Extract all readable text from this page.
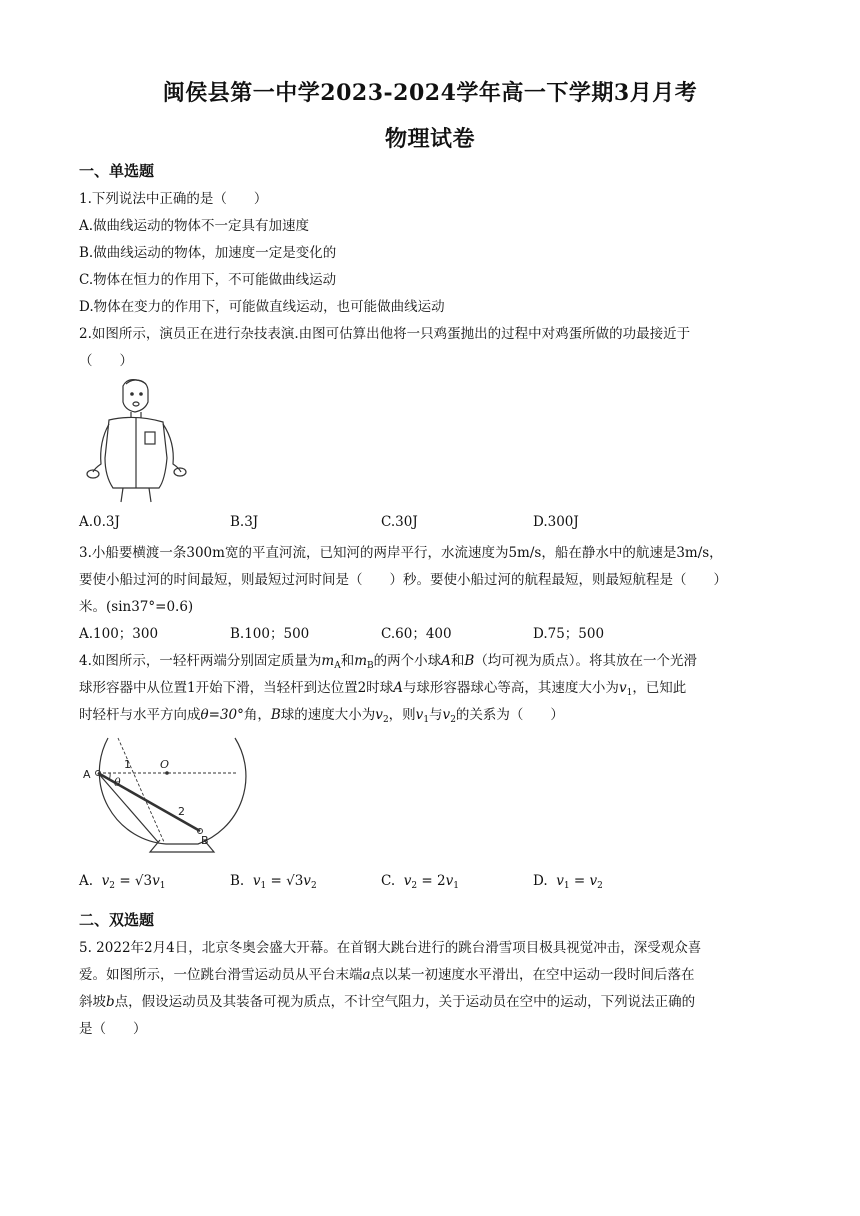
闽侯县第一中学2023-2024学年高一下学期3月月考
物理试卷
一、单选题
1.下列说法中正确的是（　　）
A.做曲线运动的物体不一定具有加速度
B.做曲线运动的物体，加速度一定是变化的
C.物体在恒力的作用下，不可能做曲线运动
D.物体在变力的作用下，可能做直线运动，也可能做曲线运动
2.如图所示，演员正在进行杂技表演.由图可估算出他将一只鸡蛋抛出的过程中对鸡蛋所做的功最接近于
（　　）
A.0.3J	B.3J	C.30J	D.300J
3.小船要横渡一条300m宽的平直河流，已知河的两岸平行，水流速度为5m/s，船在静水中的航速是3m/s，
要使小船过河的时间最短，则最短过河时间是（　　）秒。要使小船过河的航程最短，则最短航程是（　　）
米。(sin37°=0.6)
A.100；300	B.100；500	C.60；400	D.75；500
4.如图所示，一轻杆两端分别固定质量为$m_A$和$m_B$的两个小球A和B（均可视为质点）。将其放在一个光滑
球形容器中从位置1开始下滑，当轻杆到达位置2时球A与球形容器球心等高，其速度大小为$v_1$，已知此
时轻杆与水平方向成θ=30°角，B球的速度大小为$v_2$，则$v_1$与$v_2$的关系为（　　）
A
B
O
1
2
θ
A. $v_2 = √3v_1$	B. $v_1 = √3v_2$	C. $v_2 = 2v_1$	D. $v_1 = v_2$
二、双选题
5. 2022年2月4日，北京冬奥会盛大开幕。在首钢大跳台进行的跳台滑雪项目极具视觉冲击，深受观众喜
爱。如图所示，一位跳台滑雪运动员从平台末端a点以某一初速度水平滑出，在空中运动一段时间后落在
斜坡b点，假设运动员及其装备可视为质点，不计空气阻力，关于运动员在空中的运动，下列说法正确的
是（　　）
